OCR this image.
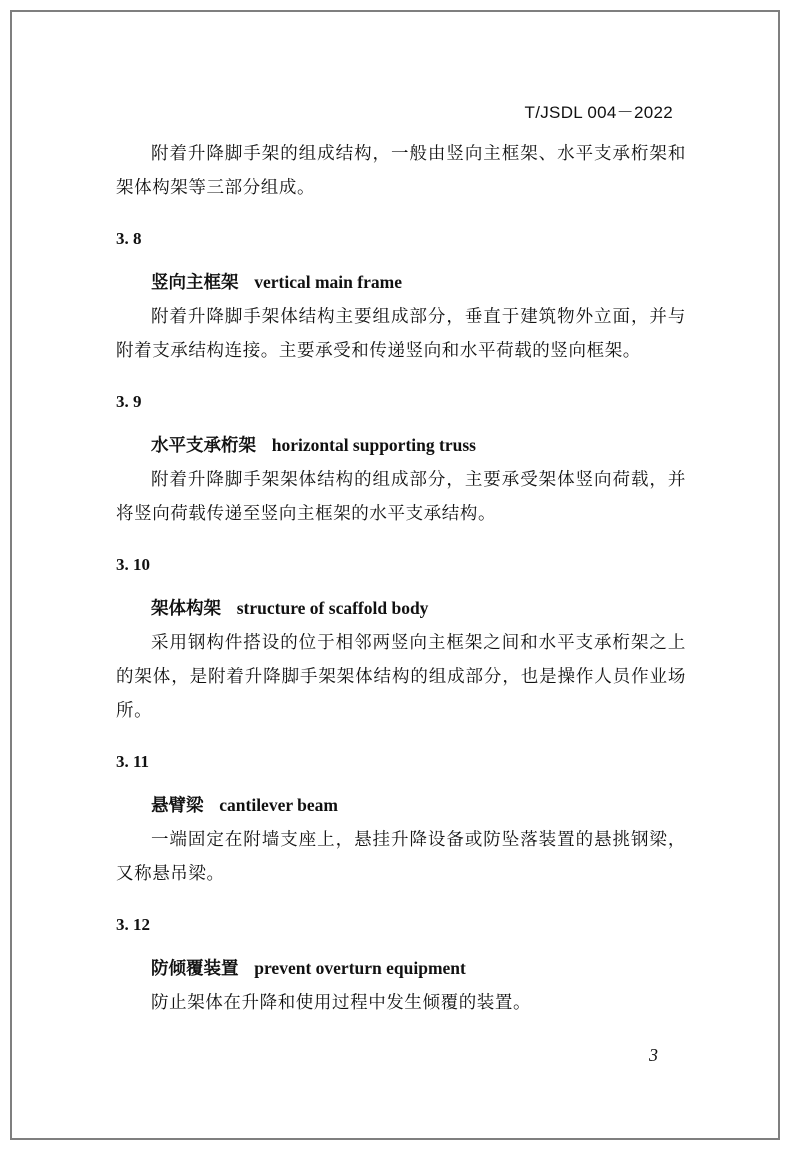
T/JSDL 004－2022

附着升降脚手架的组成结构，一般由竖向主框架、水平支承桁架和架体构架等三部分组成。

3. 8

竖向主框架 vertical main frame

附着升降脚手架体结构主要组成部分，垂直于建筑物外立面，并与附着支承结构连接。主要承受和传递竖向和水平荷载的竖向框架。

3. 9

水平支承桁架 horizontal supporting truss

附着升降脚手架架体结构的组成部分，主要承受架体竖向荷载，并将竖向荷载传递至竖向主框架的水平支承结构。

3. 10

架体构架 structure of scaffold body

采用钢构件搭设的位于相邻两竖向主框架之间和水平支承桁架之上的架体，是附着升降脚手架架体结构的组成部分，也是操作人员作业场所。

3. 11

悬臂梁 cantilever beam

一端固定在附墙支座上，悬挂升降设备或防坠落装置的悬挑钢梁，又称悬吊梁。

3. 12

防倾覆装置 prevent overturn equipment

防止架体在升降和使用过程中发生倾覆的装置。

3
